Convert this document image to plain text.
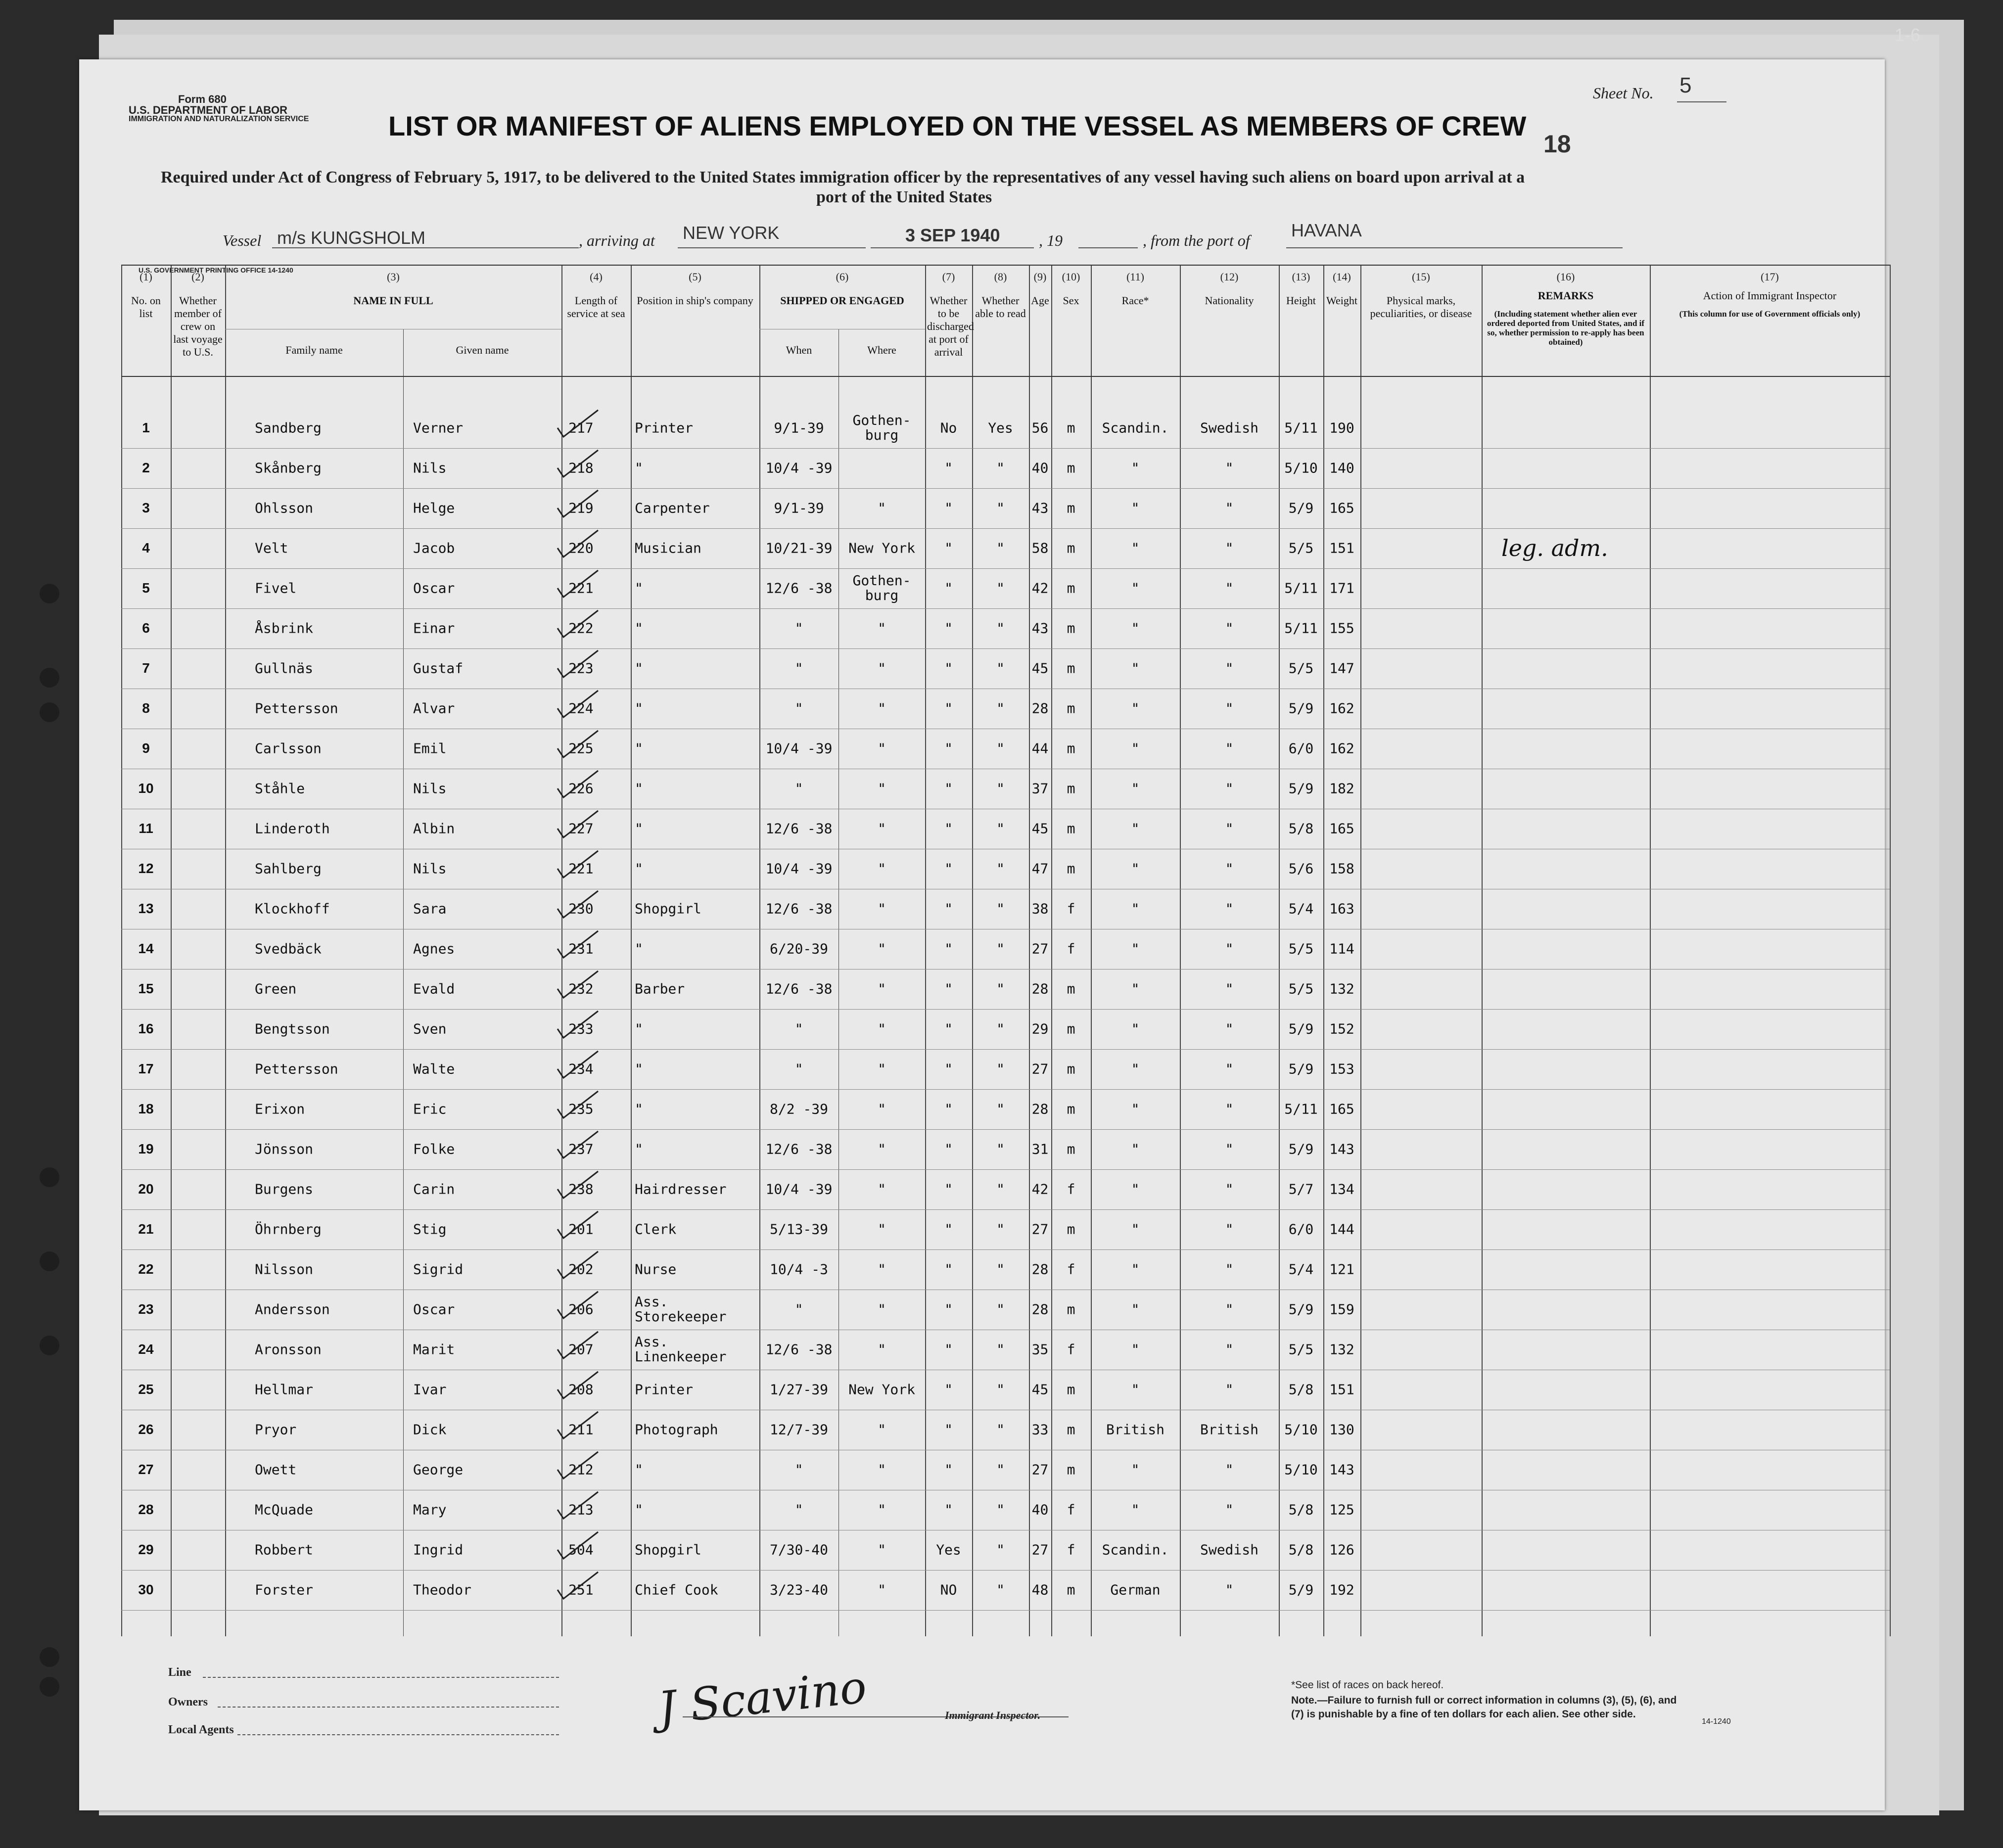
1-6
Form 680
U.S. DEPARTMENT OF LABOR
IMMIGRATION AND NATURALIZATION SERVICE
Sheet No. 5
LIST OR MANIFEST OF ALIENS EMPLOYED ON THE VESSEL AS MEMBERS OF CREW
18
Required under Act of Congress of February 5, 1917, to be delivered to the United States immigration officer by the representatives of any vessel having such aliens on board upon arrival at a
port of the United States
Vessel m/s KUNGSHOLM	, arriving at NEW YORK	3 SEP 1940 , 19	, from the port of HAVANA
U.S. GOVERNMENT PRINTING OFFICE 14-1240
(1)
No. on list
(2)
Whether member of crew on last voyage to U.S.
(3)
NAME IN FULL
Family name	Given name
(4)
Length of service at sea
(5)
Position in ship's company
(6)
SHIPPED OR ENGAGED
When	Where
(7)
Whether to be discharged at port of arrival
(8)
Whether able to read
(9)
Age
(10)
Sex
(11)
Race*
(12)
Nationality
(13)
Height
(14)
Weight
(15)
Physical marks, peculiarities, or disease
(16)
REMARKS
(Including statement whether alien ever ordered deported from United States, and if so, whether permission to re-apply has been obtained)
(17)
Action of Immigrant Inspector
(This column for use of Government officials only)
1	Sandberg	Verner	217	Printer	9/1-39	Gothen-
burg	No	Yes	56	m	Scandin.	Swedish	5/11 190
2	Skånberg	Nils	218	"	10/4 -39	"	"	40	m	"	"	5/10 140
3	Ohlsson	Helge	219	Carpenter	9/1-39	"	"	"	43	m	"	"	5/9	165
4	Velt	Jacob	220	Musician	10/21-39	New York	"	"	58	m	"	"	5/5	151	leg. adm.
5	Fivel	Oscar	221	"	12/6 -38	Gothen-
burg	"	"	42	m	"	"	5/11 171
6	Åsbrink	Einar	222	"	"	"	"	"	43	m	"	"	5/11 155
7	Gullnäs	Gustaf	223	"	"	"	"	"	45	m	"	"	5/5	147
8	Pettersson	Alvar	224	"	"	"	"	"	28	m	"	"	5/9	162
9	Carlsson	Emil	225	"	10/4 -39	"	"	"	44	m	"	"	6/0	162
10	Ståhle	Nils	226	"	"	"	"	"	37	m	"	"	5/9	182
11	Linderoth	Albin	227	"	12/6 -38	"	"	"	45	m	"	"	5/8	165
12	Sahlberg	Nils	221	"	10/4 -39	"	"	"	47	m	"	"	5/6	158
13	Klockhoff	Sara	230	Shopgirl	12/6 -38	"	"	"	38	f	"	"	5/4	163
14	Svedbäck	Agnes	231	"	6/20-39	"	"	"	27	f	"	"	5/5	114
15	Green	Evald	232	Barber	12/6 -38	"	"	"	28	m	"	"	5/5	132
16	Bengtsson	Sven	233	"	"	"	"	"	29	m	"	"	5/9	152
17	Pettersson	Walte	234	"	"	"	"	"	27	m	"	"	5/9	153
18	Erixon	Eric	235	"	8/2 -39	"	"	"	28	m	"	"	5/11 165
19	Jönsson	Folke	237	"	12/6 -38	"	"	"	31	m	"	"	5/9	143
20	Burgens	Carin	238	Hairdresser	10/4 -39	"	"	"	42	f	"	"	5/7	134
21	Öhrnberg	Stig	201	Clerk	5/13-39	"	"	"	27	m	"	"	6/0	144
22	Nilsson	Sigrid	202	Nurse	10/4 -3	"	"	"	28	f	"	"	5/4	121
23	Andersson	Oscar	206	Ass.
Storekeeper	"	"	"	"	28	m	"	"	5/9	159
24	Aronsson	Marit	207	Ass.
Linenkeeper	12/6 -38	"	"	"	35	f	"	"	5/5	132
25	Hellmar	Ivar	208	Printer	1/27-39	New York	"	"	45	m	"	"	5/8	151
26	Pryor	Dick	211	Photograph	12/7-39	"	"	"	33	m	British	British	5/10 130
27	Owett	George	212	"	"	"	"	"	27	m	"	"	5/10 143
28	McQuade	Mary	213	"	"	"	"	"	40	f	"	"	5/8	125
29	Robbert	Ingrid	504	Shopgirl	7/30-40	"	Yes	"	27	f	Scandin.	Swedish	5/8	126
30	Forster	Theodor	251	Chief Cook	3/23-40	"	NO	"	48	m	German	"	5/9	192
Line
Owners
Local Agents	J Scavino	Immigrant Inspector.
*See list of races on back hereof.
Note.—Failure to furnish full or correct information in columns (3), (5), (6), and (7) is punishable by a fine of ten dollars for each alien. See other side.
14-1240
